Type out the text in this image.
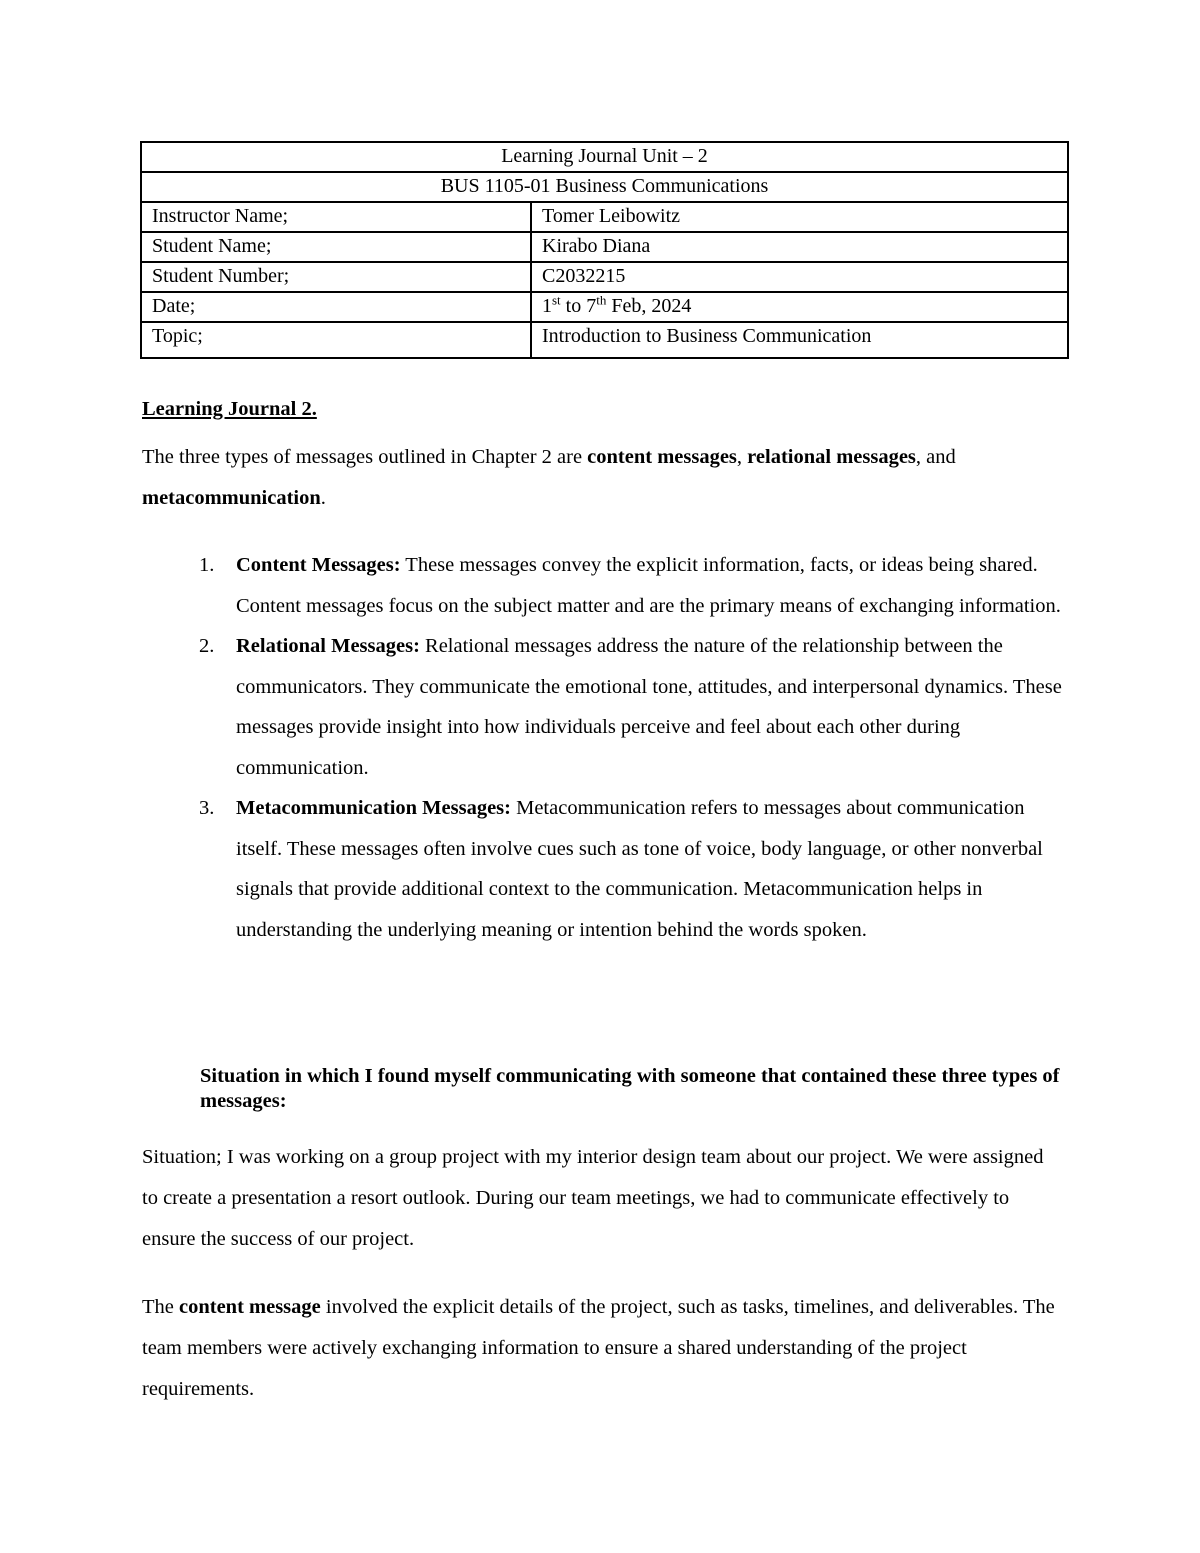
Learning Journal Unit – 2	
BUS 1105-01 Business Communications	
Instructor Name;	Tomer Leibowitz
Student Name;	Kirabo Diana
Student Number;	C2032215
Date;	1st to 7th Feb, 2024
Topic;	Introduction to Business Communication
Learning Journal 2.
The three types of messages outlined in Chapter 2 are content messages, relational messages, and metacommunication.
1. Content Messages: These messages convey the explicit information, facts, or ideas being shared. Content messages focus on the subject matter and are the primary means of exchanging information.
2. Relational Messages: Relational messages address the nature of the relationship between the communicators. They communicate the emotional tone, attitudes, and interpersonal dynamics. These messages provide insight into how individuals perceive and feel about each other during communication.
3. Metacommunication Messages: Metacommunication refers to messages about communication itself. These messages often involve cues such as tone of voice, body language, or other nonverbal signals that provide additional context to the communication. Metacommunication helps in understanding the underlying meaning or intention behind the words spoken.
Situation in which I found myself communicating with someone that contained these three types of messages:
Situation; I was working on a group project with my interior design team about our project. We were assigned to create a presentation a resort outlook. During our team meetings, we had to communicate effectively to ensure the success of our project.
The content message involved the explicit details of the project, such as tasks, timelines, and deliverables. The team members were actively exchanging information to ensure a shared understanding of the project requirements.
